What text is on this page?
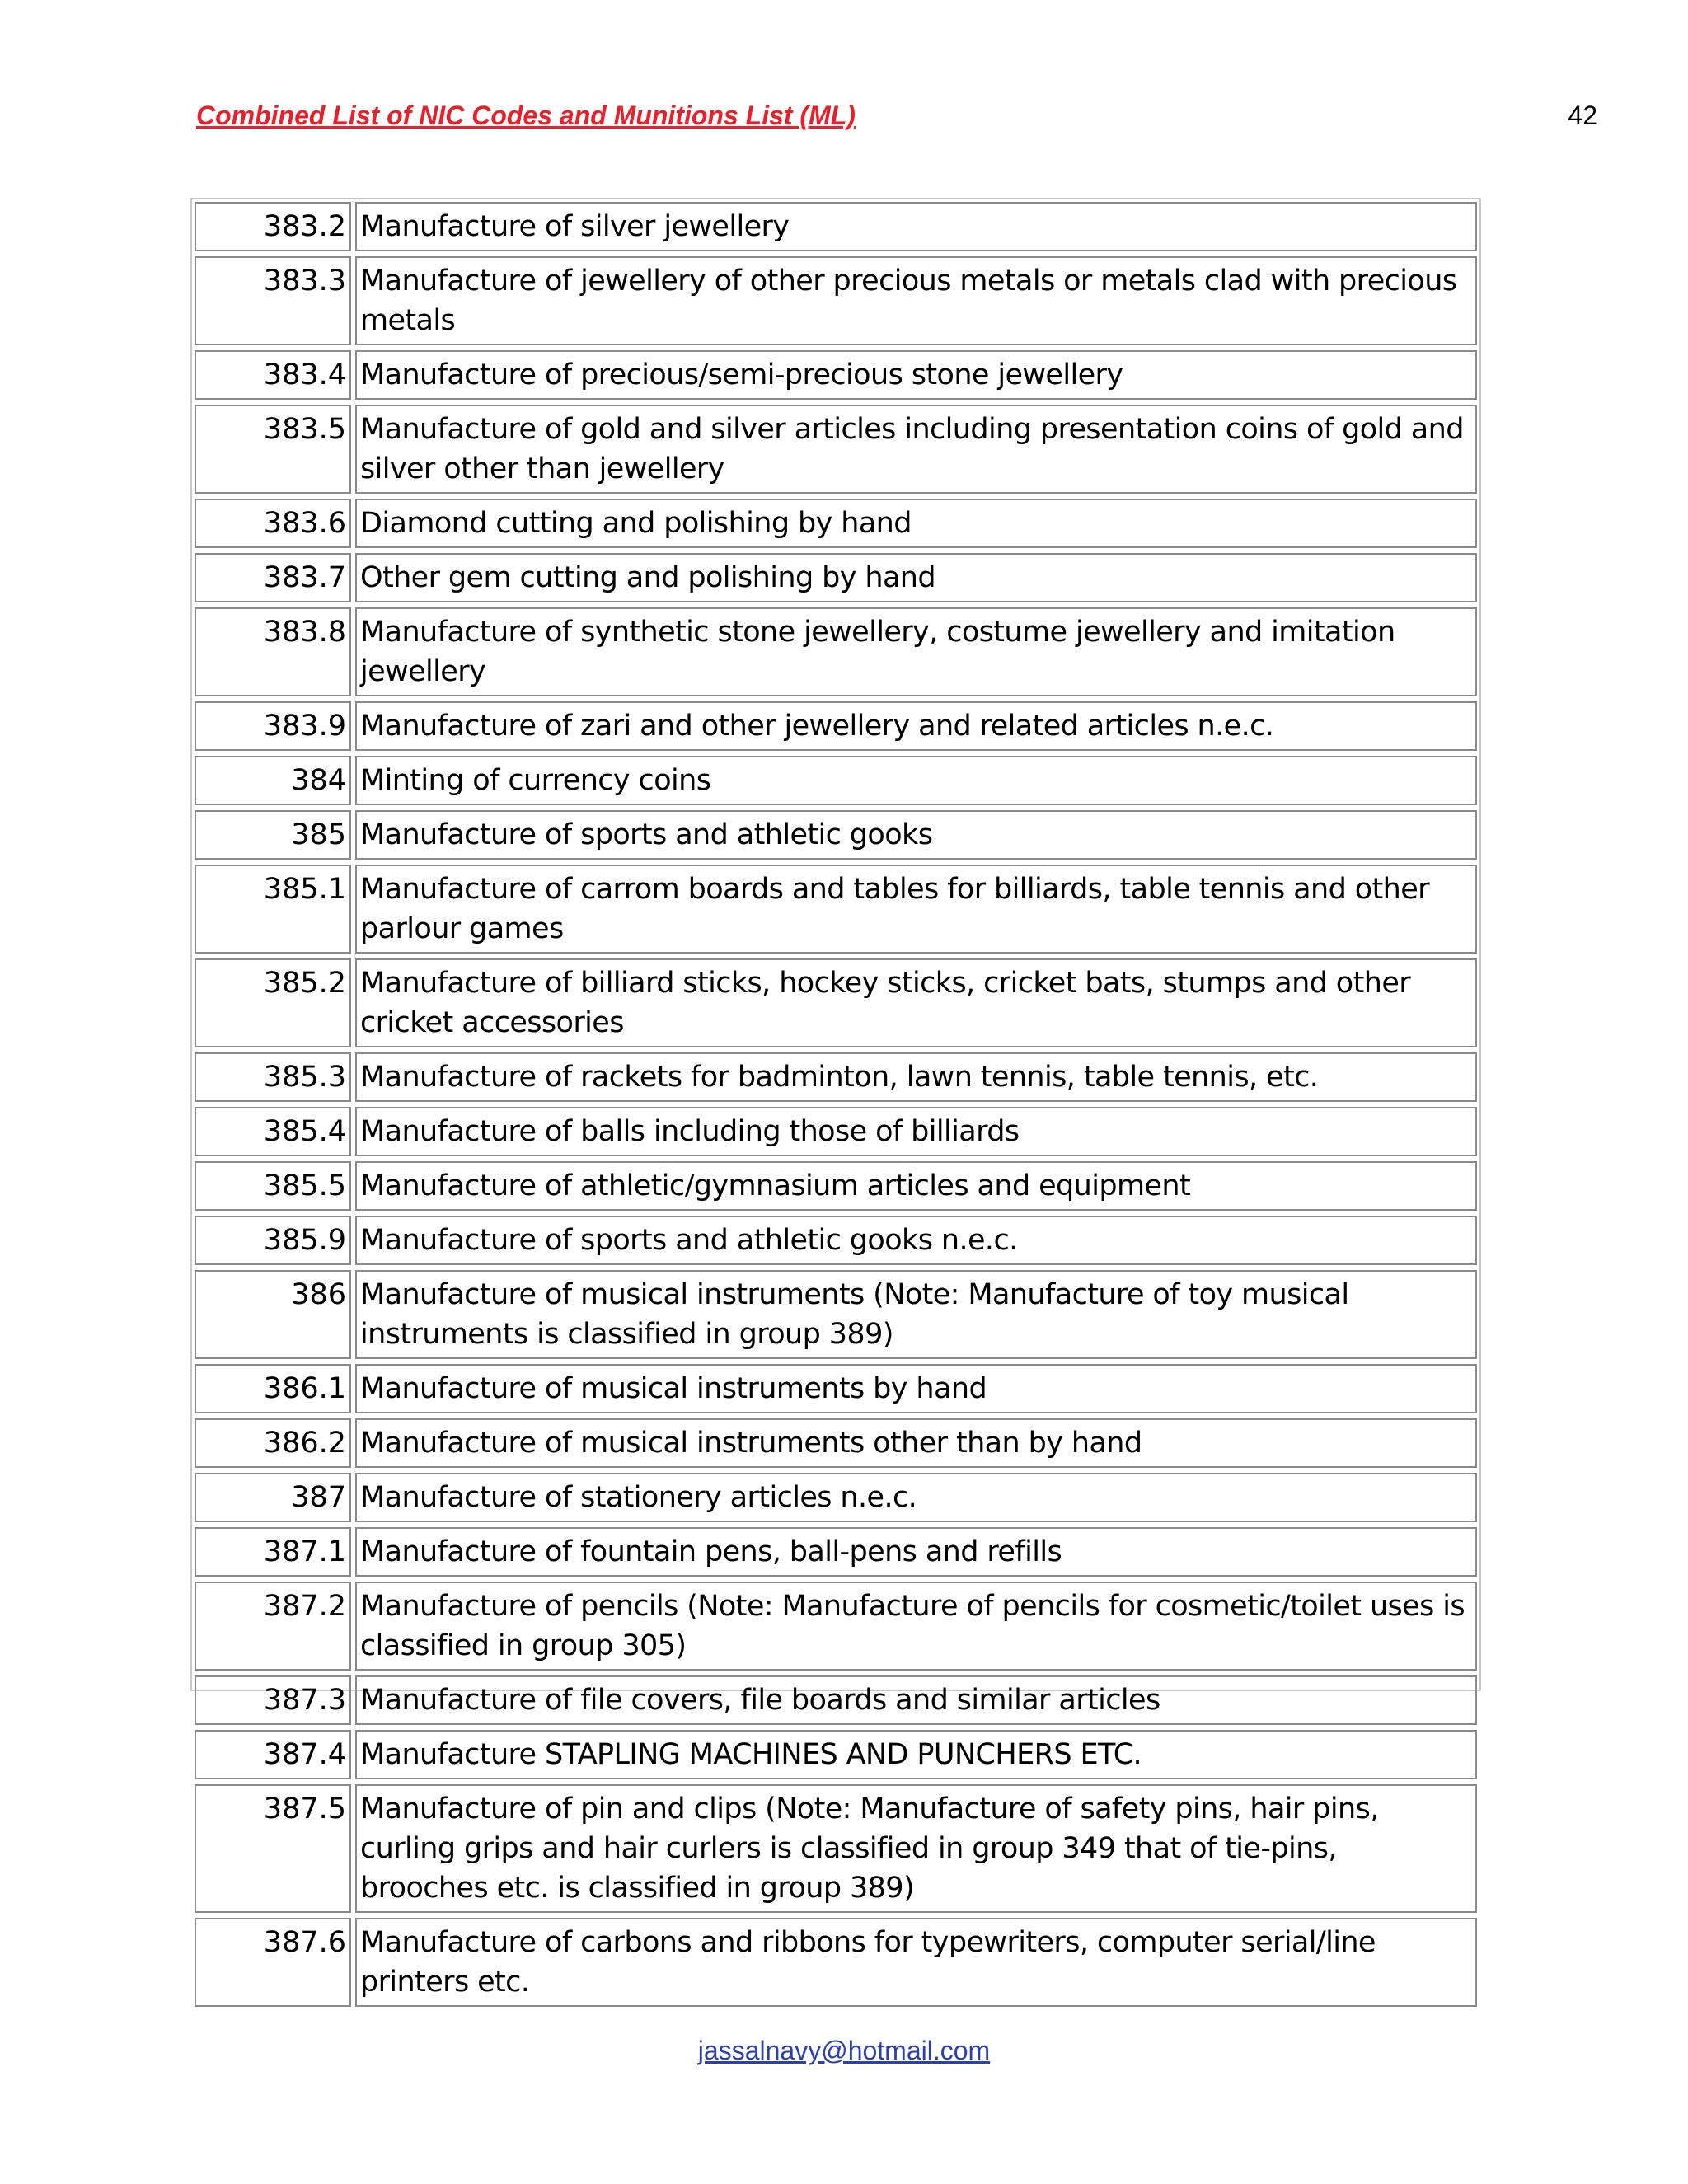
Combined List of NIC Codes and Munitions List (ML)	42
383.2 Manufacture of silver jewellery
383.3 Manufacture of jewellery of other precious metals or metals clad with precious metals
383.4 Manufacture of precious/semi-precious stone jewellery
383.5 Manufacture of gold and silver articles including presentation coins of gold and silver other than jewellery
383.6 Diamond cutting and polishing by hand
383.7 Other gem cutting and polishing by hand
383.8 Manufacture of synthetic stone jewellery, costume jewellery and imitation jewellery
383.9 Manufacture of zari and other jewellery and related articles n.e.c.
384 Minting of currency coins
385 Manufacture of sports and athletic gooks
385.1 Manufacture of carrom boards and tables for billiards, table tennis and other parlour games
385.2 Manufacture of billiard sticks, hockey sticks, cricket bats, stumps and other cricket accessories
385.3 Manufacture of rackets for badminton, lawn tennis, table tennis, etc.
385.4 Manufacture of balls including those of billiards
385.5 Manufacture of athletic/gymnasium articles and equipment
385.9 Manufacture of sports and athletic gooks n.e.c.
386 Manufacture of musical instruments (Note: Manufacture of toy musical instruments is classified in group 389)
386.1 Manufacture of musical instruments by hand
386.2 Manufacture of musical instruments other than by hand
387 Manufacture of stationery articles n.e.c.
387.1 Manufacture of fountain pens, ball-pens and refills
387.2 Manufacture of pencils (Note: Manufacture of pencils for cosmetic/toilet uses is classified in group 305)
387.3 Manufacture of file covers, file boards and similar articles
387.4 Manufacture STAPLING MACHINES AND PUNCHERS ETC.
387.5 Manufacture of pin and clips (Note: Manufacture of safety pins, hair pins, curling grips and hair curlers is classified in group 349 that of tie-pins, brooches etc. is classified in group 389)
387.6 Manufacture of carbons and ribbons for typewriters, computer serial/line printers etc.
jassalnavy@hotmail.com
